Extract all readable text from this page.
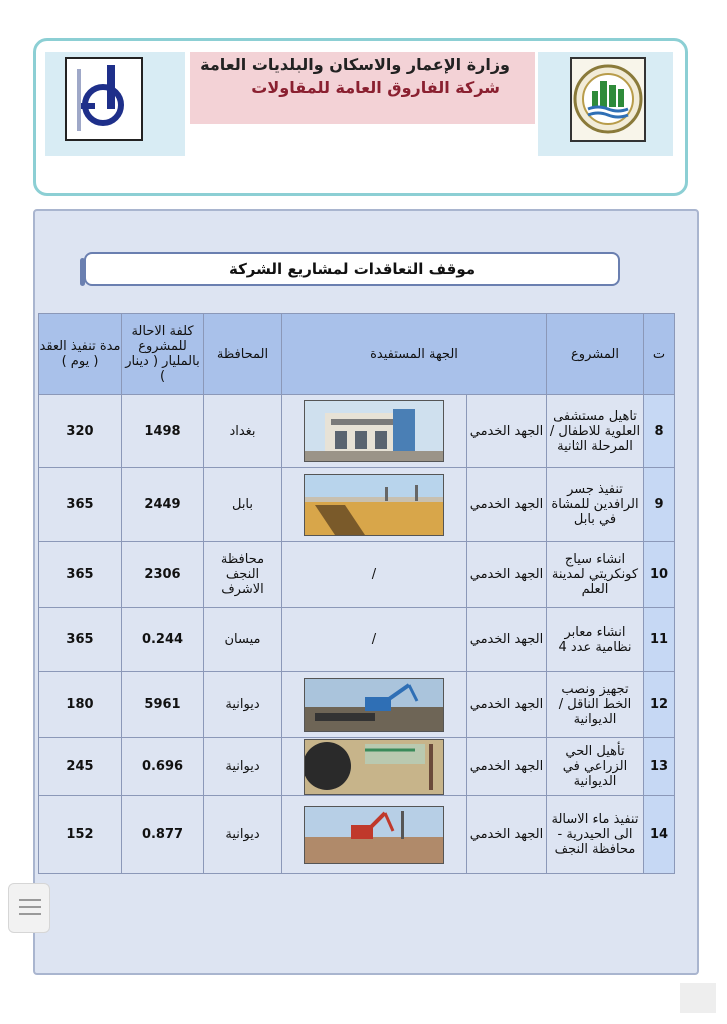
وزارة الإعمار والاسكان والبلديات العامة
شركة الفاروق العامة للمقاولات
موقف التعاقدات لمشاريع الشركة
مدة تنفيذ العقد ( يوم )	كلفة الاحالة للمشروع بالمليار ( دينار )	المحافظة	الجهة المستفيدة		المشروع	ت
320	1498	بغداد		الجهد الخدمي	تاهيل مستشفى العلوية للاطفال / المرحلة الثانية	8
365	2449	بابل		الجهد الخدمي	تنفيذ جسر الرافدين للمشاة في بابل	9
365	2306	محافظة النجف الاشرف	/	الجهد الخدمي	انشاء سياج كونكريتي لمدينة العلم	10
365	0.244	ميسان	/	الجهد الخدمي	انشاء معابر نظامية عدد 4	11
180	5961	ديوانية		الجهد الخدمي	تجهيز ونصب الخط الناقل / الديوانية	12
245	0.696	ديوانية		الجهد الخدمي	تأهيل الحي الزراعي في الديوانية	13
152	0.877	ديوانية		الجهد الخدمي	تنفيذ ماء الاسالة الى الحيدرية - محافظة النجف	14
